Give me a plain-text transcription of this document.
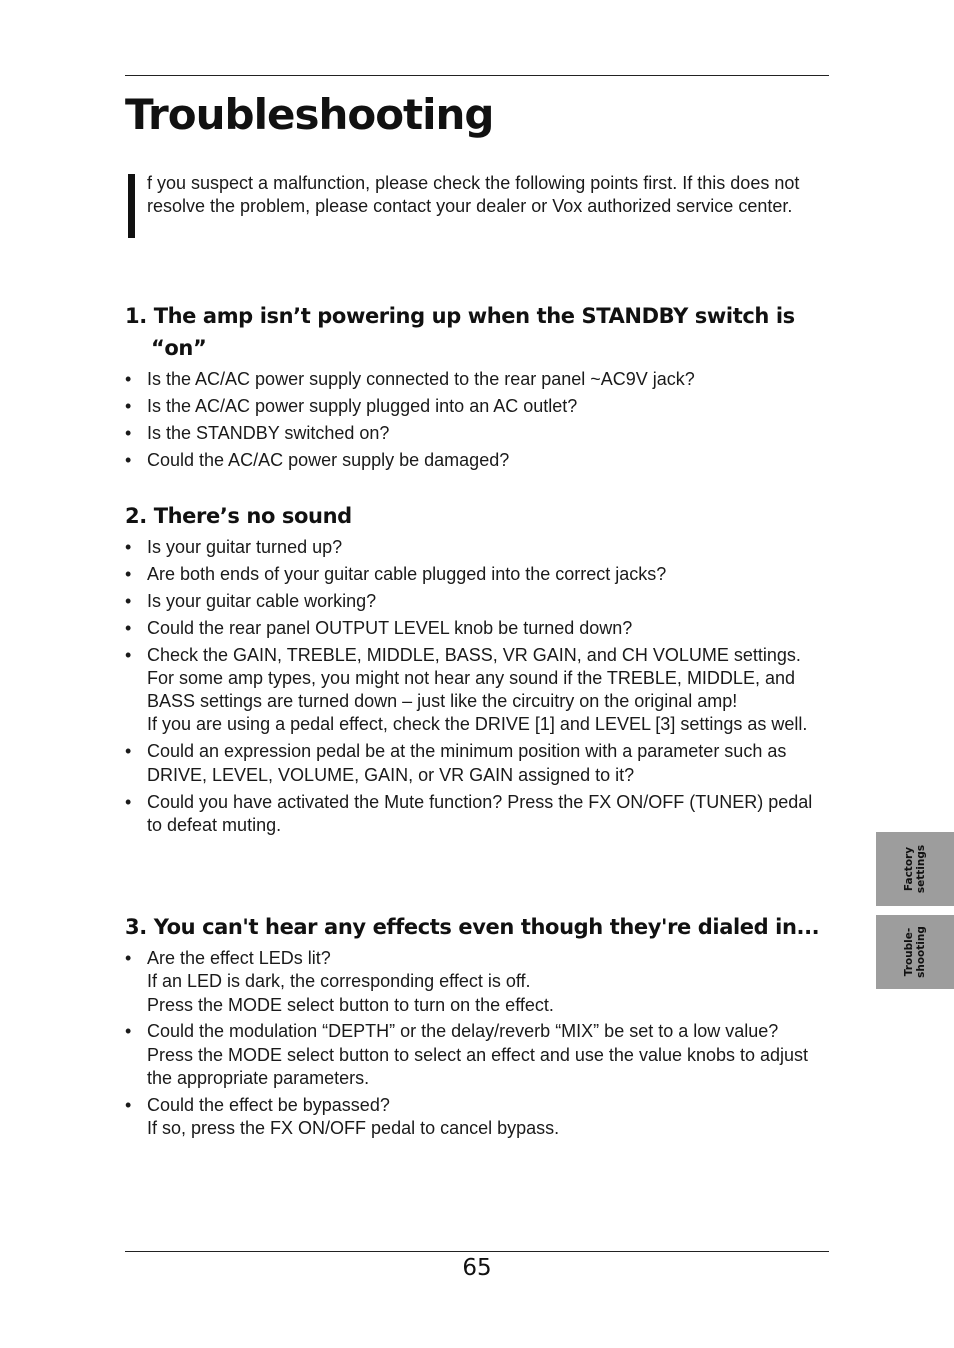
Troubleshooting

f you suspect a malfunction, please check the following points first. If this does not resolve the problem, please contact your dealer or Vox authorized service center.

1. The amp isn’t powering up when the STANDBY switch is
“on”
• Is the AC/AC power supply connected to the rear panel ~AC9V jack?
• Is the AC/AC power supply plugged into an AC outlet?
• Is the STANDBY switched on?
• Could the AC/AC power supply be damaged?
2. There’s no sound
• Is your guitar turned up?
• Are both ends of your guitar cable plugged into the correct jacks?
• Is your guitar cable working?
• Could the rear panel OUTPUT LEVEL knob be turned down?
• Check the GAIN, TREBLE, MIDDLE, BASS, VR GAIN, and CH VOLUME settings. For some amp types, you might not hear any sound if the TREBLE, MIDDLE, and BASS settings are turned down – just like the circuitry on the original amp!
If you are using a pedal effect, check the DRIVE [1] and LEVEL [3] settings as well.
• Could an expression pedal be at the minimum position with a parameter such as DRIVE, LEVEL, VOLUME, GAIN, or VR GAIN assigned to it?
• Could you have activated the Mute function? Press the FX ON/OFF (TUNER) pedal to defeat muting.
3. You can't hear any effects even though they're dialed in...
• Are the effect LEDs lit?
If an LED is dark, the corresponding effect is off.
Press the MODE select button to turn on the effect.
• Could the modulation “DEPTH” or the delay/reverb “MIX” be set to a low value?
Press the MODE select button to select an effect and use the value knobs to adjust the appropriate parameters.
• Could the effect be bypassed?
If so, press the FX ON/OFF pedal to cancel bypass.
Factory settings
Trouble- shooting
65
